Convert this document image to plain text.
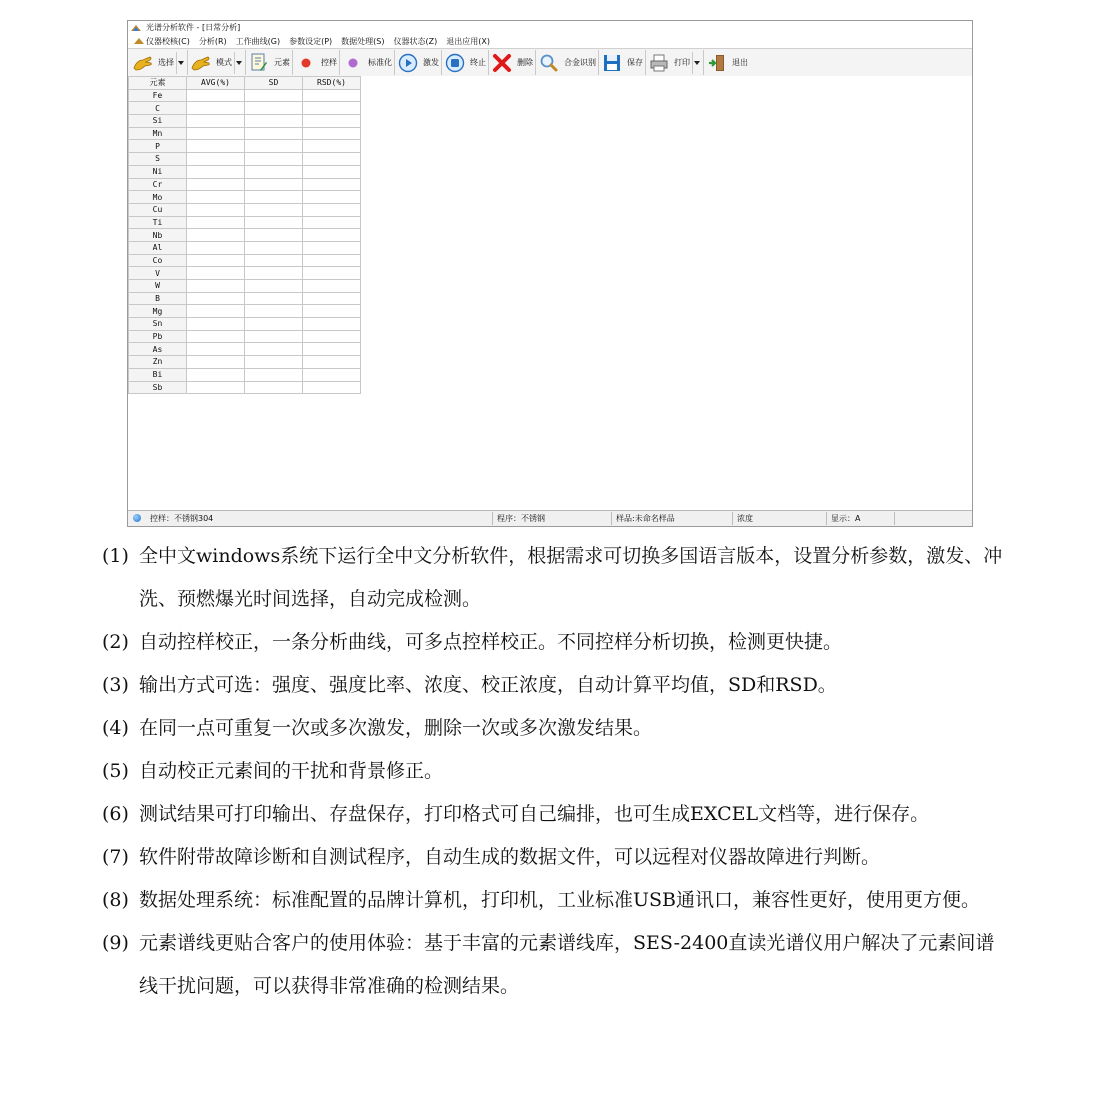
光谱分析软件 - [日常分析]
仪器校核(C) 分析(R) 工作曲线(G) 参数设定(P) 数据处理(S) 仪器状态(Z) 退出应用(X)
选择	模式	元素	控样	标准化	激发	终止	删除	合金识别	保存	打印	退出
元素	AVG(%)	SD	RSD(%)
Fe			
C			
Si			
Mn			
P			
S			
Ni			
Cr			
Mo			
Cu			
Ti			
Nb			
Al			
Co			
V			
W			
B			
Mg			
Sn			
Pb			
As			
Zn			
Bi			
Sb			
控样：不锈钢304	程序：不锈钢	样品:未命名样品	浓度	显示：A
(1) 全中文windows系统下运行全中文分析软件，根据需求可切换多国语言版本，设置分析参数，激发、冲洗、预燃爆光时间选择，自动完成检测。
(2) 自动控样校正，一条分析曲线，可多点控样校正。不同控样分析切换，检测更快捷。
(3) 输出方式可选：强度、强度比率、浓度、校正浓度，自动计算平均值，SD和RSD。
(4) 在同一点可重复一次或多次激发，删除一次或多次激发结果。
(5) 自动校正元素间的干扰和背景修正。
(6) 测试结果可打印输出、存盘保存，打印格式可自己编排，也可生成EXCEL文档等，进行保存。
(7) 软件附带故障诊断和自测试程序，自动生成的数据文件，可以远程对仪器故障进行判断。
(8) 数据处理系统：标准配置的品牌计算机，打印机，工业标准USB通讯口，兼容性更好，使用更方便。
(9) 元素谱线更贴合客户的使用体验：基于丰富的元素谱线库，SES-2400直读光谱仪用户解决了元素间谱线干扰问题，可以获得非常准确的检测结果。
